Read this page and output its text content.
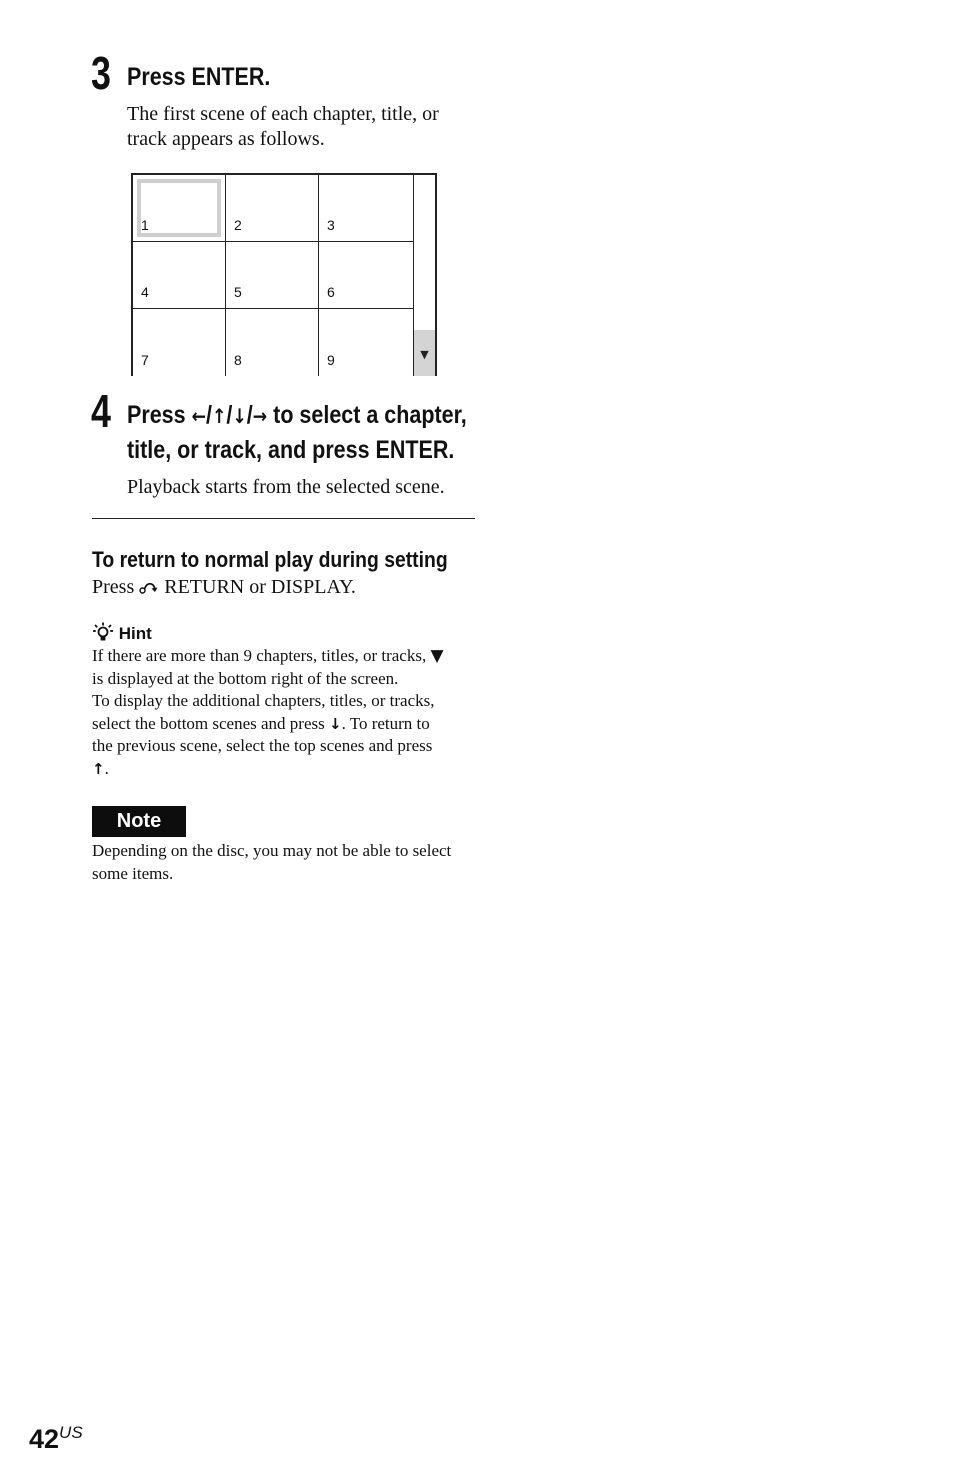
3 Press ENTER.
The first scene of each chapter, title, or
track appears as follows.
1	2	3
4	5	6
7	8	9	▼
4 Press ←/↑/↓/→ to select a chapter,
title, or track, and press ENTER.
Playback starts from the selected scene.
To return to normal play during setting
Press RETURN or DISPLAY.
Hint
If there are more than 9 chapters, titles, or tracks, ▼
is displayed at the bottom right of the screen.
To display the additional chapters, titles, or tracks,
select the bottom scenes and press ↓. To return to
the previous scene, select the top scenes and press
↑.
Note
Depending on the disc, you may not be able to select
some items.
$42^{US}$
